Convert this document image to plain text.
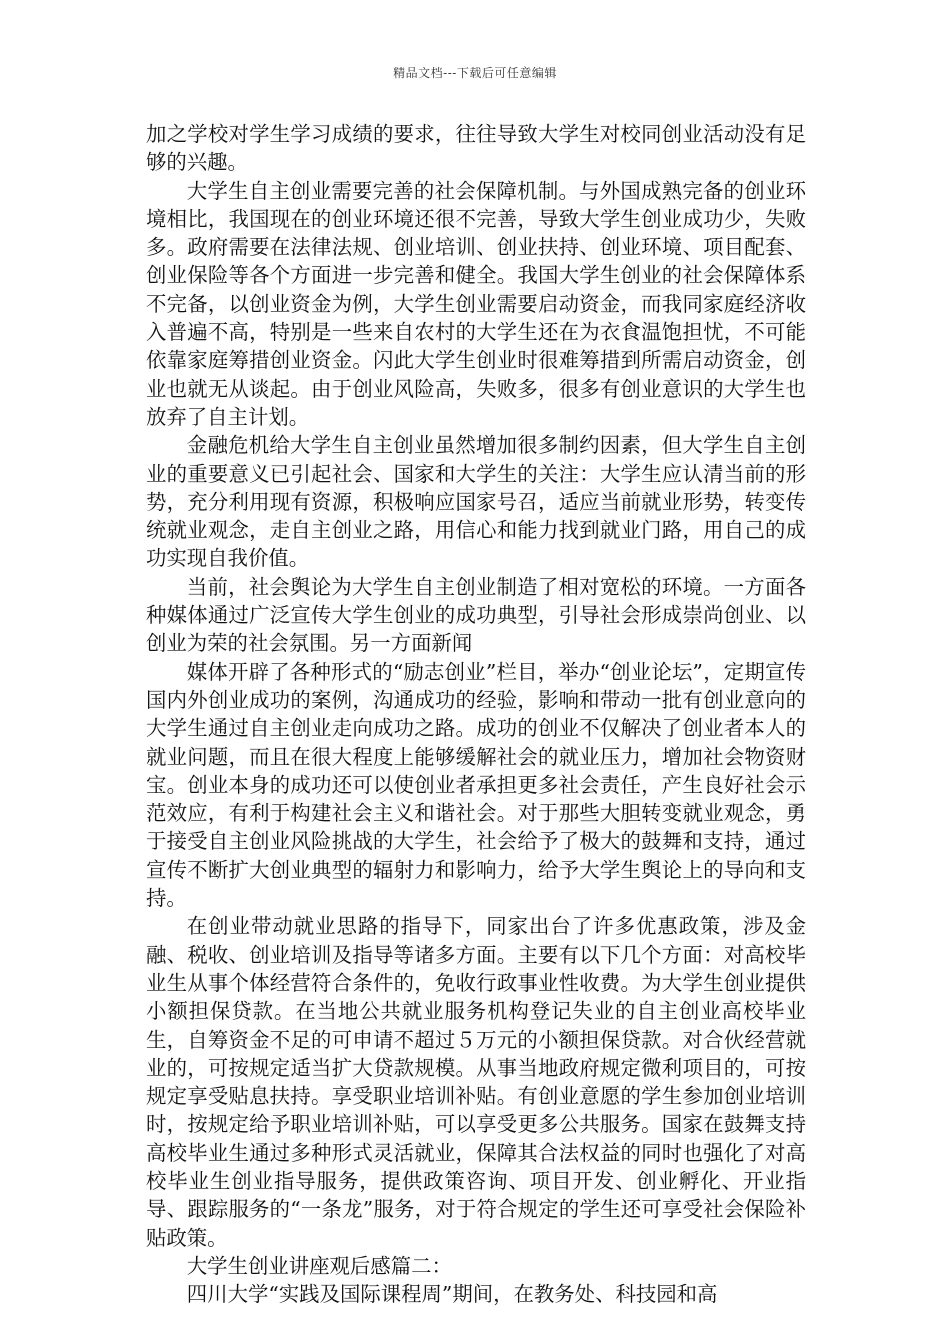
精品文档---下载后可任意编辑

加之学校对学生学习成绩的要求，往往导致大学生对校同创业活动没有足够的兴趣。

大学生自主创业需要完善的社会保障机制。与外国成熟完备的创业环境相比，我国现在的创业环境还很不完善，导致大学生创业成功少，失败多。政府需要在法律法规、创业培训、创业扶持、创业环境、项目配套、创业保险等各个方面进一步完善和健全。我国大学生创业的社会保障体系不完备，以创业资金为例，大学生创业需要启动资金，而我同家庭经济收入普遍不高，特别是一些来自农村的大学生还在为衣食温饱担忧，不可能依靠家庭筹措创业资金。闪此大学生创业时很难筹措到所需启动资金，创业也就无从谈起。由于创业风险高，失败多，很多有创业意识的大学生也放弃了自主计划。

金融危机给大学生自主创业虽然增加很多制约因素，但大学生自主创业的重要意义已引起社会、国家和大学生的关注：大学生应认清当前的形势，充分利用现有资源，积极响应国家号召，适应当前就业形势，转变传统就业观念，走自主创业之路，用信心和能力找到就业门路，用自己的成功实现自我价值。

当前，社会舆论为大学生自主创业制造了相对宽松的环境。一方面各种媒体通过广泛宣传大学生创业的成功典型，引导社会形成崇尚创业、以创业为荣的社会氛围。另一方面新闻

媒体开辟了各种形式的“励志创业”栏目，举办“创业论坛”，定期宣传国内外创业成功的案例，沟通成功的经验，影响和带动一批有创业意向的大学生通过自主创业走向成功之路。成功的创业不仅解决了创业者本人的就业问题，而且在很大程度上能够缓解社会的就业压力，增加社会物资财宝。创业本身的成功还可以使创业者承担更多社会责任，产生良好社会示范效应，有利于构建社会主义和谐社会。对于那些大胆转变就业观念，勇于接受自主创业风险挑战的大学生，社会给予了极大的鼓舞和支持，通过宣传不断扩大创业典型的辐射力和影响力，给予大学生舆论上的导向和支持。

在创业带动就业思路的指导下，同家出台了许多优惠政策，涉及金融、税收、创业培训及指导等诸多方面。主要有以下几个方面：对高校毕业生从事个体经营符合条件的，免收行政事业性收费。为大学生创业提供小额担保贷款。在当地公共就业服务机构登记失业的自主创业高校毕业生，自筹资金不足的可申请不超过５万元的小额担保贷款。对合伙经营就业的，可按规定适当扩大贷款规模。从事当地政府规定微利项目的，可按规定享受贴息扶持。享受职业培训补贴。有创业意愿的学生参加创业培训时，按规定给予职业培训补贴，可以享受更多公共服务。国家在鼓舞支持高校毕业生通过多种形式灵活就业，保障其合法权益的同时也强化了对高校毕业生创业指导服务，提供政策咨询、项目开发、创业孵化、开业指导、跟踪服务的“一条龙”服务，对于符合规定的学生还可享受社会保险补贴政策。

大学生创业讲座观后感篇二：

四川大学“实践及国际课程周”期间，在教务处、科技园和高
